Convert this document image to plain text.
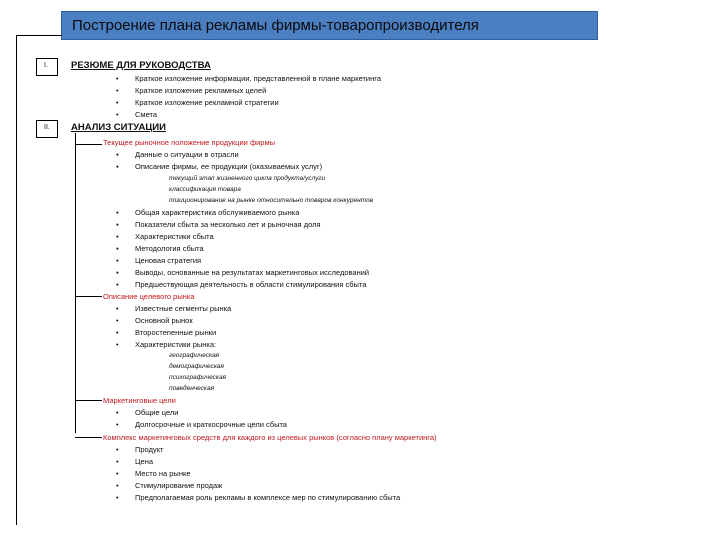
Построение плана рекламы фирмы-товаропроизводителя
I. РЕЗЮМЕ ДЛЯ РУКОВОДСТВА
• Краткое изложение информации, представленной в плане маркетинга
• Краткое изложение рекламных целей
• Краткое изложение рекламной стратегии
• Смета
II. АНАЛИЗ СИТУАЦИИ
Текущее рыночное положение продукции фирмы
▪ Данные о ситуации в отрасли
▪ Описание фирмы, ее продукции (оказываемых услуг)
текущий этап жизненного цикла продукта/услуги
классификация товара
позиционирование на рынке относительно товаров конкурентов
▪ Общая характеристика обслуживаемого рынка
▪ Показатели сбыта за несколько лет и рыночная доля
▪ Характеристики сбыта
▪ Методология сбыта
▪ Ценовая стратегия
▪ Выводы, основанные на результатах маркетинговых исследований
▪ Предшествующая деятельность в области стимулирования сбыта
Описание целевого рынка
• Известные сегменты рынка
• Основной рынок
• Второстепенные рынки
• Характеристики рынка:
географическая
демографическая
психографическая
поведенческая
Маркетинговые цели
• Общие цели
• Долгосрочные и краткосрочные цели сбыта
Комплекс маркетинговых средств для каждого из целевых рынков (согласно плану маркетинга)
• Продукт
• Цена
• Место на рынке
• Стимулирование продаж
• Предполагаемая роль рекламы в комплексе мер по стимулированию сбыта
